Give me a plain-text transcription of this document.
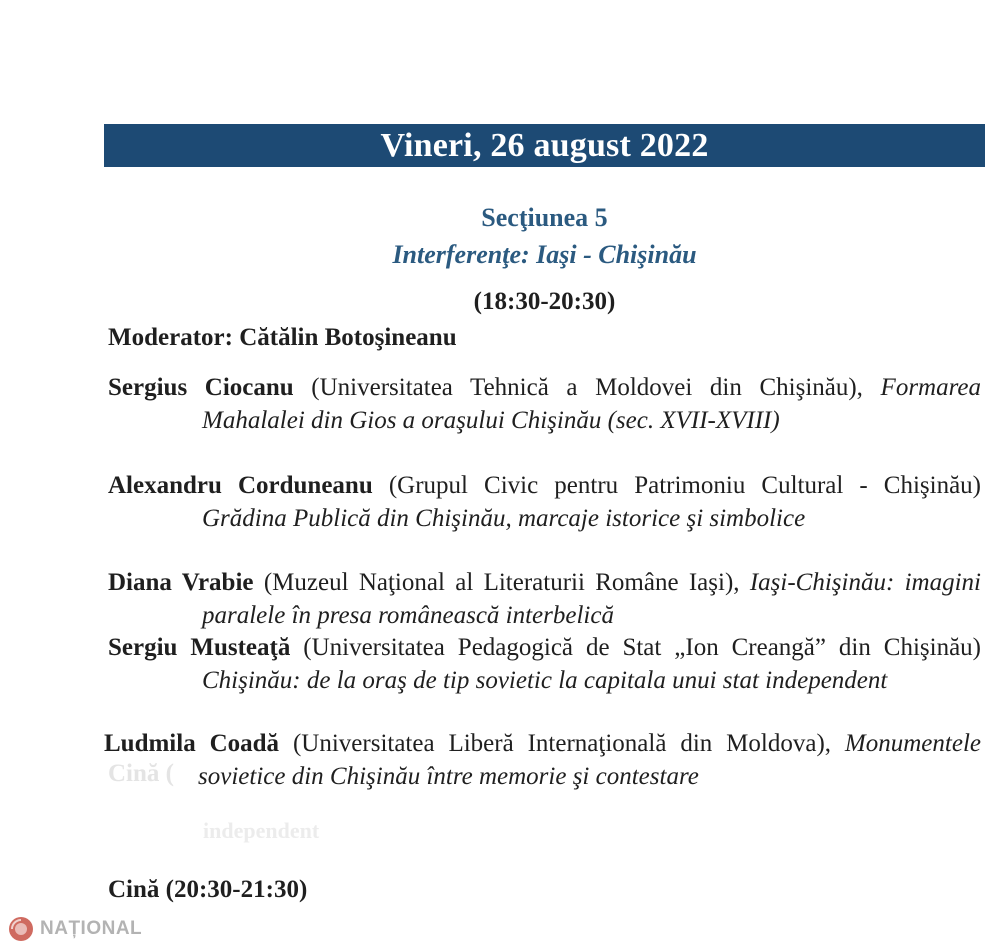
Vineri, 26 august 2022
Secţiunea 5
Interferenţe: Iaşi - Chişinău
(18:30-20:30)
Moderator: Cătălin Botoşineanu
Sergius Ciocanu (Universitatea Tehnică a Moldovei din Chişinău), Formarea Mahalalei din Gios a oraşului Chişinău (sec. XVII-XVIII)
Alexandru Corduneanu (Grupul Civic pentru Patrimoniu Cultural - Chişinău) Grădina Publică din Chişinău, marcaje istorice şi simbolice
Diana Vrabie (Muzeul Naţional al Literaturii Române Iaşi), Iaşi-Chişinău: imagini paralele în presa românească interbelică
Sergiu Musteaţă (Universitatea Pedagogică de Stat „Ion Creangă” din Chişinău) Chişinău: de la oraş de tip sovietic la capitala unui stat independent
Cină (
Ludmila Coadă (Universitatea Liberă Internaţională din Moldova), Monumentele sovietice din Chişinău între memorie şi contestare
independent
Cină (20:30-21:30)
NAȚIONAL
